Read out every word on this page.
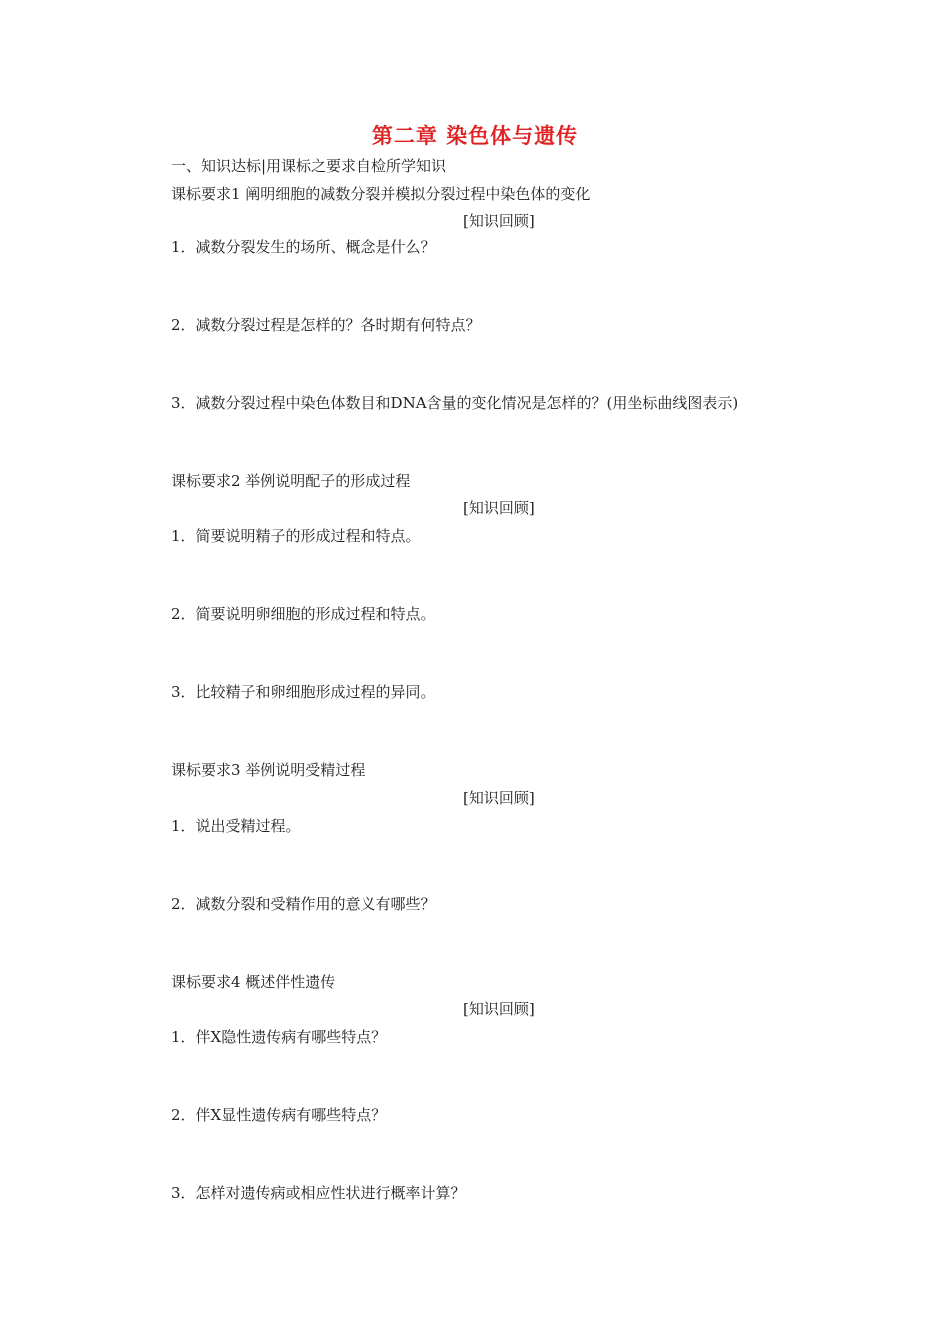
第二章 染色体与遗传

一、知识达标|用课标之要求自检所学知识

课标要求1 阐明细胞的减数分裂并模拟分裂过程中染色体的变化

[知识回顾]

1．减数分裂发生的场所、概念是什么？

2．减数分裂过程是怎样的？各时期有何特点？

3．减数分裂过程中染色体数目和DNA含量的变化情况是怎样的？(用坐标曲线图表示)

课标要求2 举例说明配子的形成过程

[知识回顾]

1．简要说明精子的形成过程和特点。

2．简要说明卵细胞的形成过程和特点。

3．比较精子和卵细胞形成过程的异同。

课标要求3 举例说明受精过程

[知识回顾]

1．说出受精过程。

2．减数分裂和受精作用的意义有哪些？

课标要求4 概述伴性遗传

[知识回顾]

1．伴X隐性遗传病有哪些特点？

2．伴X显性遗传病有哪些特点？

3．怎样对遗传病或相应性状进行概率计算？
